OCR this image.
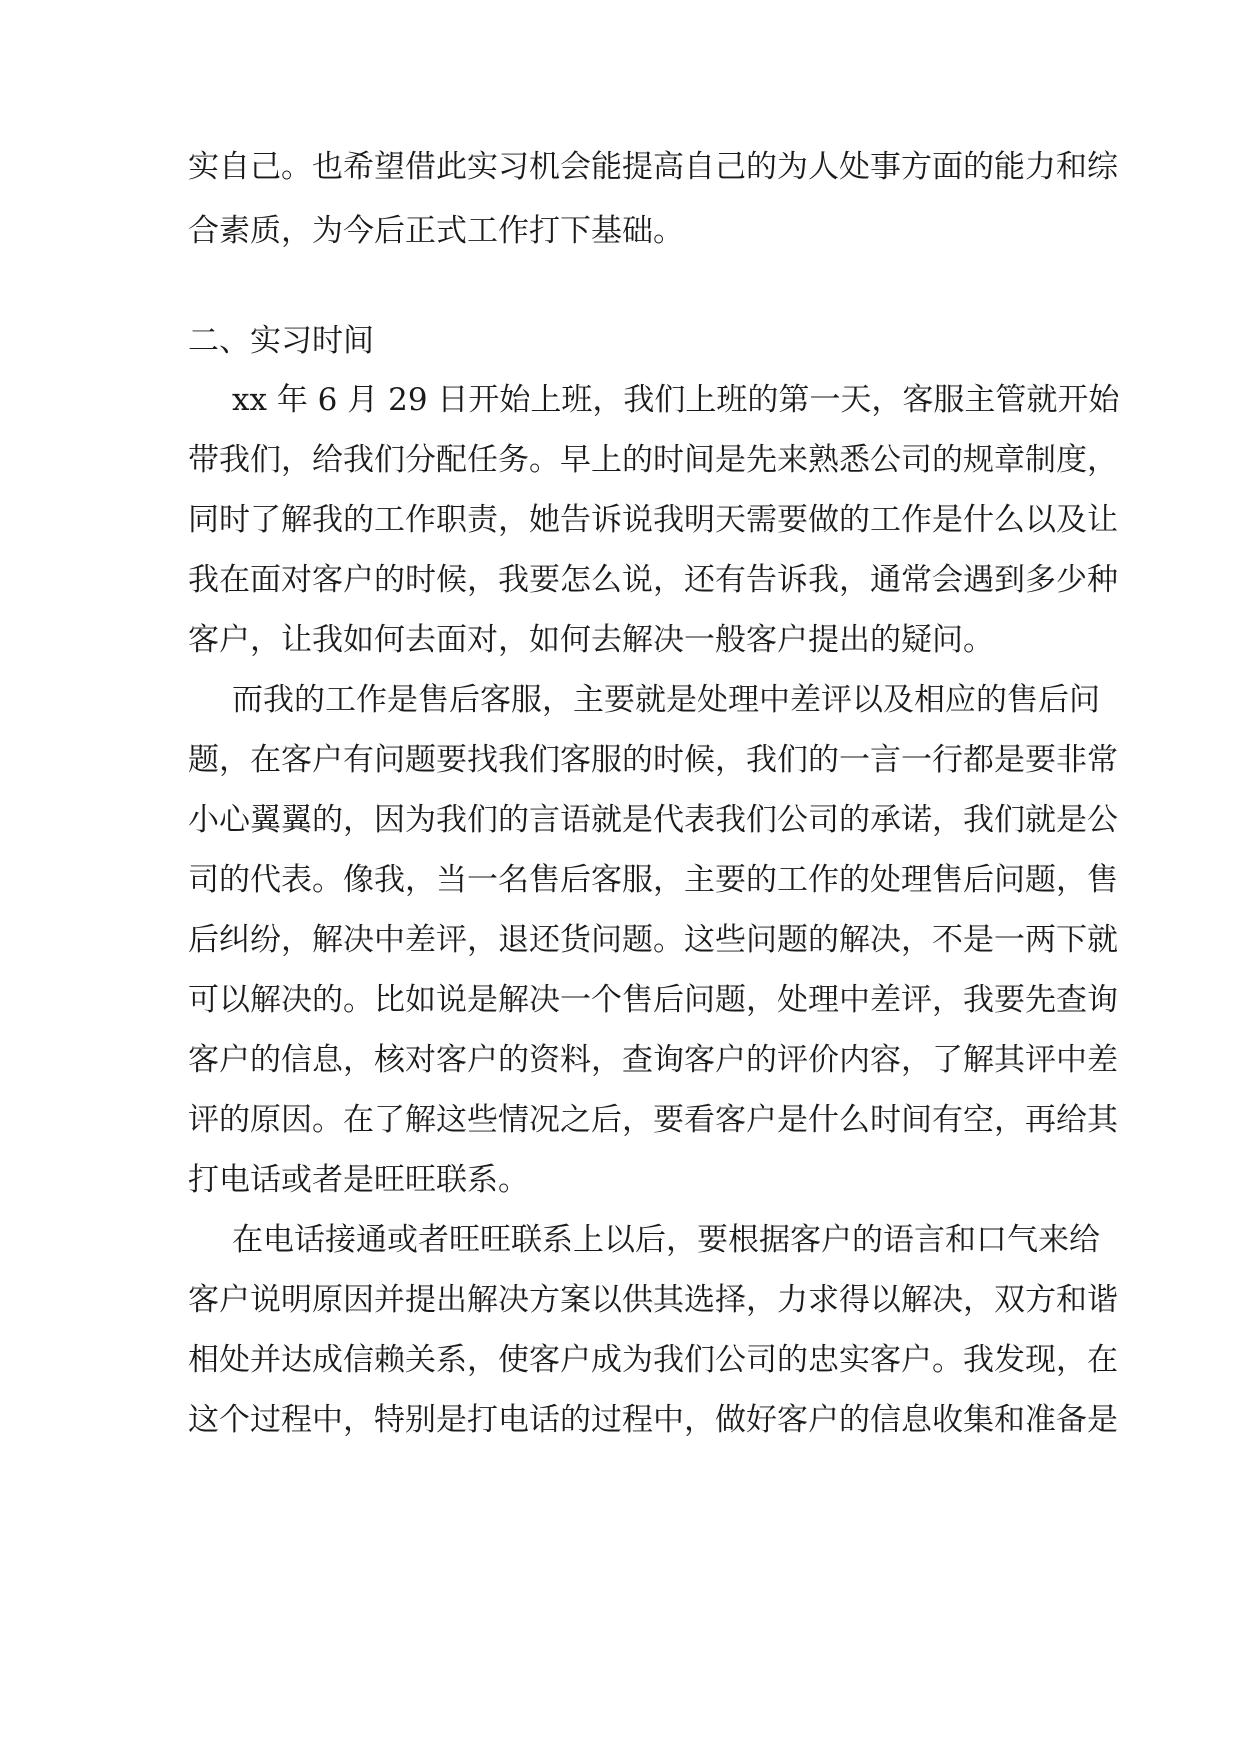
实自己。也希望借此实习机会能提高自己的为人处事方面的能力和综
合素质，为今后正式工作打下基础。
二、实习时间
xx 年 6 月 29 日开始上班，我们上班的第一天，客服主管就开始
带我们，给我们分配任务。早上的时间是先来熟悉公司的规章制度，
同时了解我的工作职责，她告诉说我明天需要做的工作是什么以及让
我在面对客户的时候，我要怎么说，还有告诉我，通常会遇到多少种
客户，让我如何去面对，如何去解决一般客户提出的疑问。
而我的工作是售后客服，主要就是处理中差评以及相应的售后问
题，在客户有问题要找我们客服的时候，我们的一言一行都是要非常
小心翼翼的，因为我们的言语就是代表我们公司的承诺，我们就是公
司的代表。像我，当一名售后客服，主要的工作的处理售后问题，售
后纠纷，解决中差评，退还货问题。这些问题的解决，不是一两下就
可以解决的。比如说是解决一个售后问题，处理中差评，我要先查询
客户的信息，核对客户的资料，查询客户的评价内容，了解其评中差
评的原因。在了解这些情况之后，要看客户是什么时间有空，再给其
打电话或者是旺旺联系。
在电话接通或者旺旺联系上以后，要根据客户的语言和口气来给
客户说明原因并提出解决方案以供其选择，力求得以解决，双方和谐
相处并达成信赖关系，使客户成为我们公司的忠实客户。我发现，在
这个过程中，特别是打电话的过程中，做好客户的信息收集和准备是
